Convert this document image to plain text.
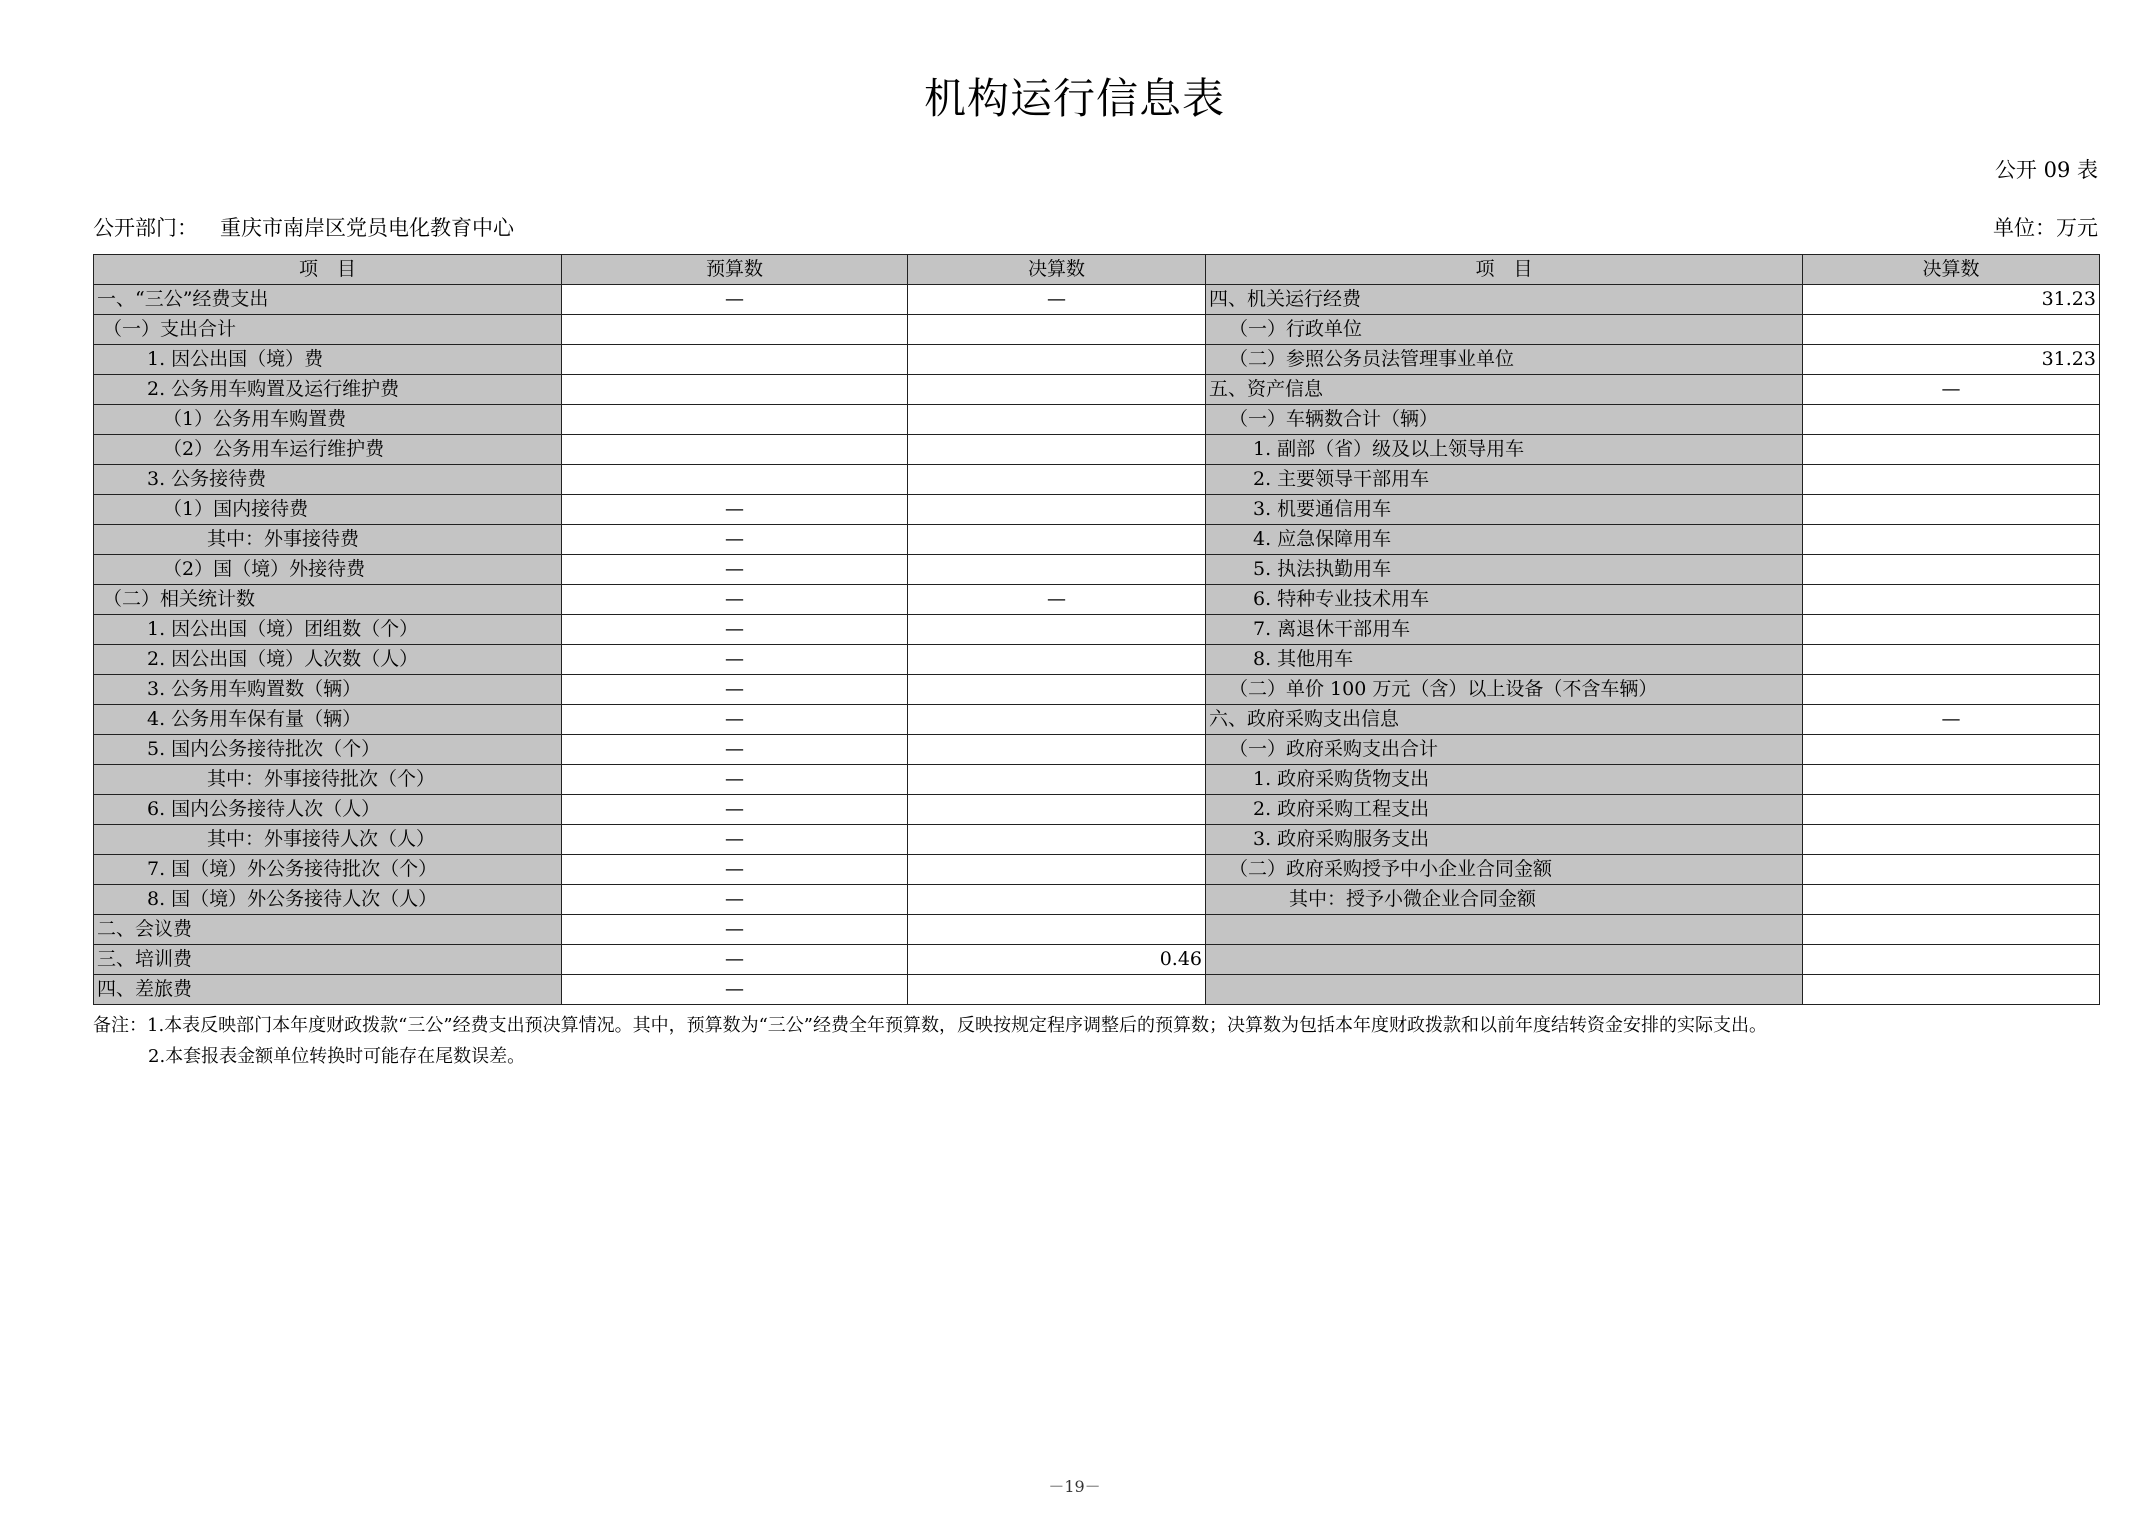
机构运行信息表
公开 09 表
公开部门： 重庆市南岸区党员电化教育中心	单位：万元
项　目	预算数	决算数	项　目	决算数
一、“三公”经费支出	—	—	四、机关运行经费	31.23
（一）支出合计			（一）行政单位	
1. 因公出国（境）费			（二）参照公务员法管理事业单位	31.23
2. 公务用车购置及运行维护费			五、资产信息	—
（1）公务用车购置费			（一）车辆数合计（辆）	
（2）公务用车运行维护费			1. 副部（省）级及以上领导用车	
3. 公务接待费			2. 主要领导干部用车	
（1）国内接待费	—		3. 机要通信用车	
其中：外事接待费	—		4. 应急保障用车	
（2）国（境）外接待费	—		5. 执法执勤用车	
（二）相关统计数	—	—	6. 特种专业技术用车	
1. 因公出国（境）团组数（个）	—		7. 离退休干部用车	
2. 因公出国（境）人次数（人）	—		8. 其他用车	
3. 公务用车购置数（辆）	—		（二）单价 100 万元（含）以上设备（不含车辆）	
4. 公务用车保有量（辆）	—		六、政府采购支出信息	—
5. 国内公务接待批次（个）	—		（一）政府采购支出合计	
其中：外事接待批次（个）	—		1. 政府采购货物支出	
6. 国内公务接待人次（人）	—		2. 政府采购工程支出	
其中：外事接待人次（人）	—		3. 政府采购服务支出	
7. 国（境）外公务接待批次（个）	—		（二）政府采购授予中小企业合同金额	
8. 国（境）外公务接待人次（人）	—		其中：授予小微企业合同金额	
二、会议费	—			
三、培训费	—	0.46		
四、差旅费	—			
备注：1.本表反映部门本年度财政拨款“三公”经费支出预决算情况。其中，预算数为“三公”经费全年预算数，反映按规定程序调整后的预算数；决算数为包括本年度财政拨款和以前年度结转资金安排的实际支出。
2.本套报表金额单位转换时可能存在尾数误差。
－19－
